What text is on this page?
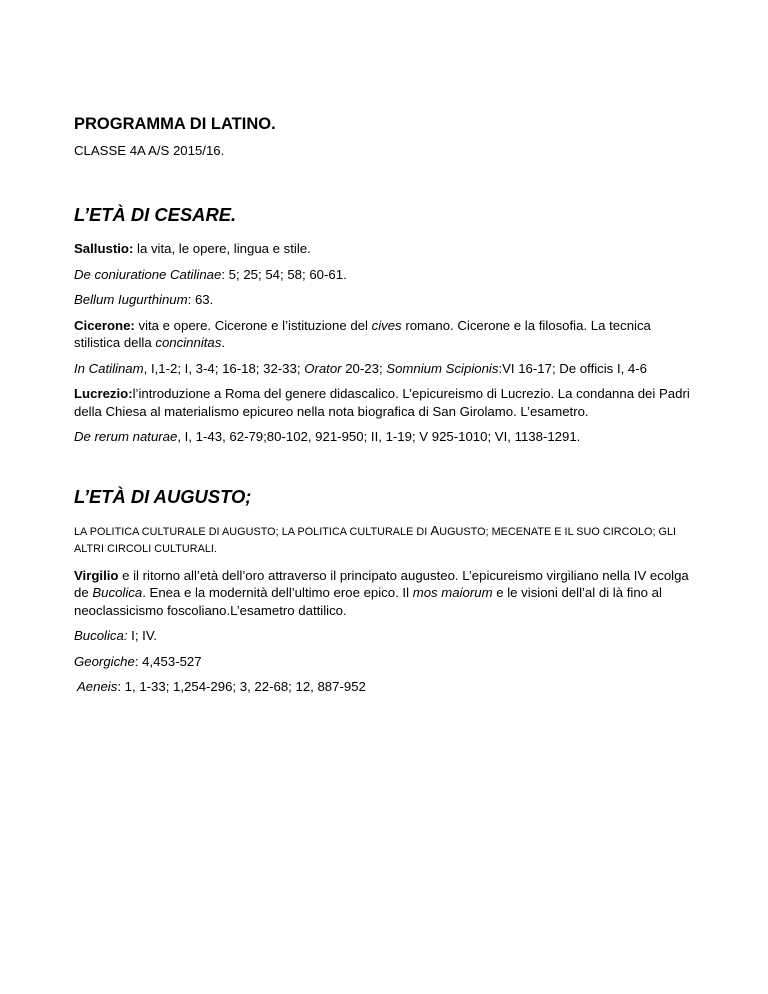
PROGRAMMA DI LATINO.

CLASSE 4A A/S 2015/16.

L’ETÀ DI CESARE.

Sallustio: la vita, le opere, lingua e stile.

De coniuratione Catilinae: 5; 25; 54; 58; 60-61.

Bellum Iugurthinum: 63.

Cicerone: vita e opere. Cicerone e l’istituzione del cives romano. Cicerone e la filosofia. La tecnica stilistica della concinnitas.

In Catilinam, I,1-2; I, 3-4; 16-18; 32-33; Orator 20-23; Somnium Scipionis:VI 16-17; De officis I, 4-6

Lucrezio:l’introduzione a Roma del genere didascalico. L’epicureismo di Lucrezio. La condanna dei Padri della Chiesa al materialismo epicureo nella nota biografica di San Girolamo. L’esametro.

De rerum naturae, I, 1-43, 62-79;80-102, 921-950; II, 1-19; V 925-1010; VI, 1138-1291.

L’ETÀ DI AUGUSTO;

LA POLITICA CULTURALE DI AUGUSTO; LA POLITICA CULTURALE DI AUGUSTO; MECENATE E IL SUO CIRCOLO; GLI ALTRI CIRCOLI CULTURALI.

Virgilio e il ritorno all’età dell’oro attraverso il principato augusteo. L’epicureismo virgiliano nella IV ecolga de Bucolica. Enea e la modernità dell’ultimo eroe epico. Il mos maiorum e le visioni dell’al di là fino al neoclassicismo foscoliano.L’esametro dattilico.

Bucolica: I; IV.

Georgiche: 4,453-527

Aeneis: 1, 1-33; 1,254-296; 3, 22-68; 12, 887-952
